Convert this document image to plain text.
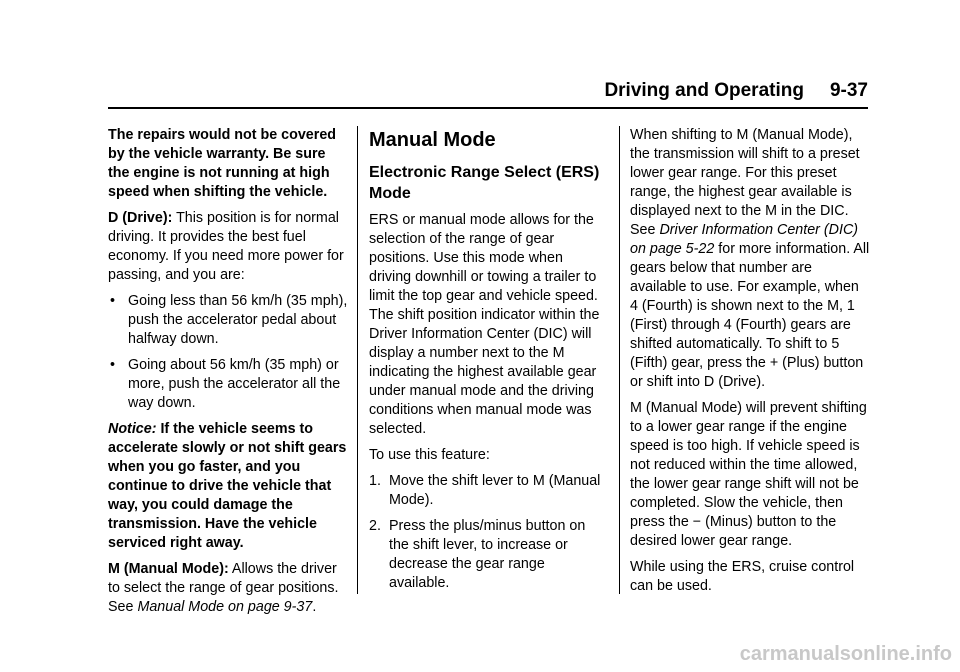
Driving and Operating 9-37

The repairs would not be covered by the vehicle warranty. Be sure the engine is not running at high speed when shifting the vehicle.

D (Drive): This position is for normal driving. It provides the best fuel economy. If you need more power for passing, and you are:

• Going less than 56 km/h (35 mph), push the accelerator pedal about halfway down.
• Going about 56 km/h (35 mph) or more, push the accelerator all the way down.

Notice: If the vehicle seems to accelerate slowly or not shift gears when you go faster, and you continue to drive the vehicle that way, you could damage the transmission. Have the vehicle serviced right away.

M (Manual Mode): Allows the driver to select the range of gear positions. See Manual Mode on page 9-37.

Manual Mode
Electronic Range Select (ERS) Mode

ERS or manual mode allows for the selection of the range of gear positions. Use this mode when driving downhill or towing a trailer to limit the top gear and vehicle speed. The shift position indicator within the Driver Information Center (DIC) will display a number next to the M indicating the highest available gear under manual mode and the driving conditions when manual mode was selected.

To use this feature:

1. Move the shift lever to M (Manual Mode).
2. Press the plus/minus button on the shift lever, to increase or decrease the gear range available.

When shifting to M (Manual Mode), the transmission will shift to a preset lower gear range. For this preset range, the highest gear available is displayed next to the M in the DIC. See Driver Information Center (DIC) on page 5-22 for more information. All gears below that number are available to use. For example, when 4 (Fourth) is shown next to the M, 1 (First) through 4 (Fourth) gears are shifted automatically. To shift to 5 (Fifth) gear, press the + (Plus) button or shift into D (Drive).

M (Manual Mode) will prevent shifting to a lower gear range if the engine speed is too high. If vehicle speed is not reduced within the time allowed, the lower gear range shift will not be completed. Slow the vehicle, then press the − (Minus) button to the desired lower gear range.

While using the ERS, cruise control can be used.

carmanualsonline.info
